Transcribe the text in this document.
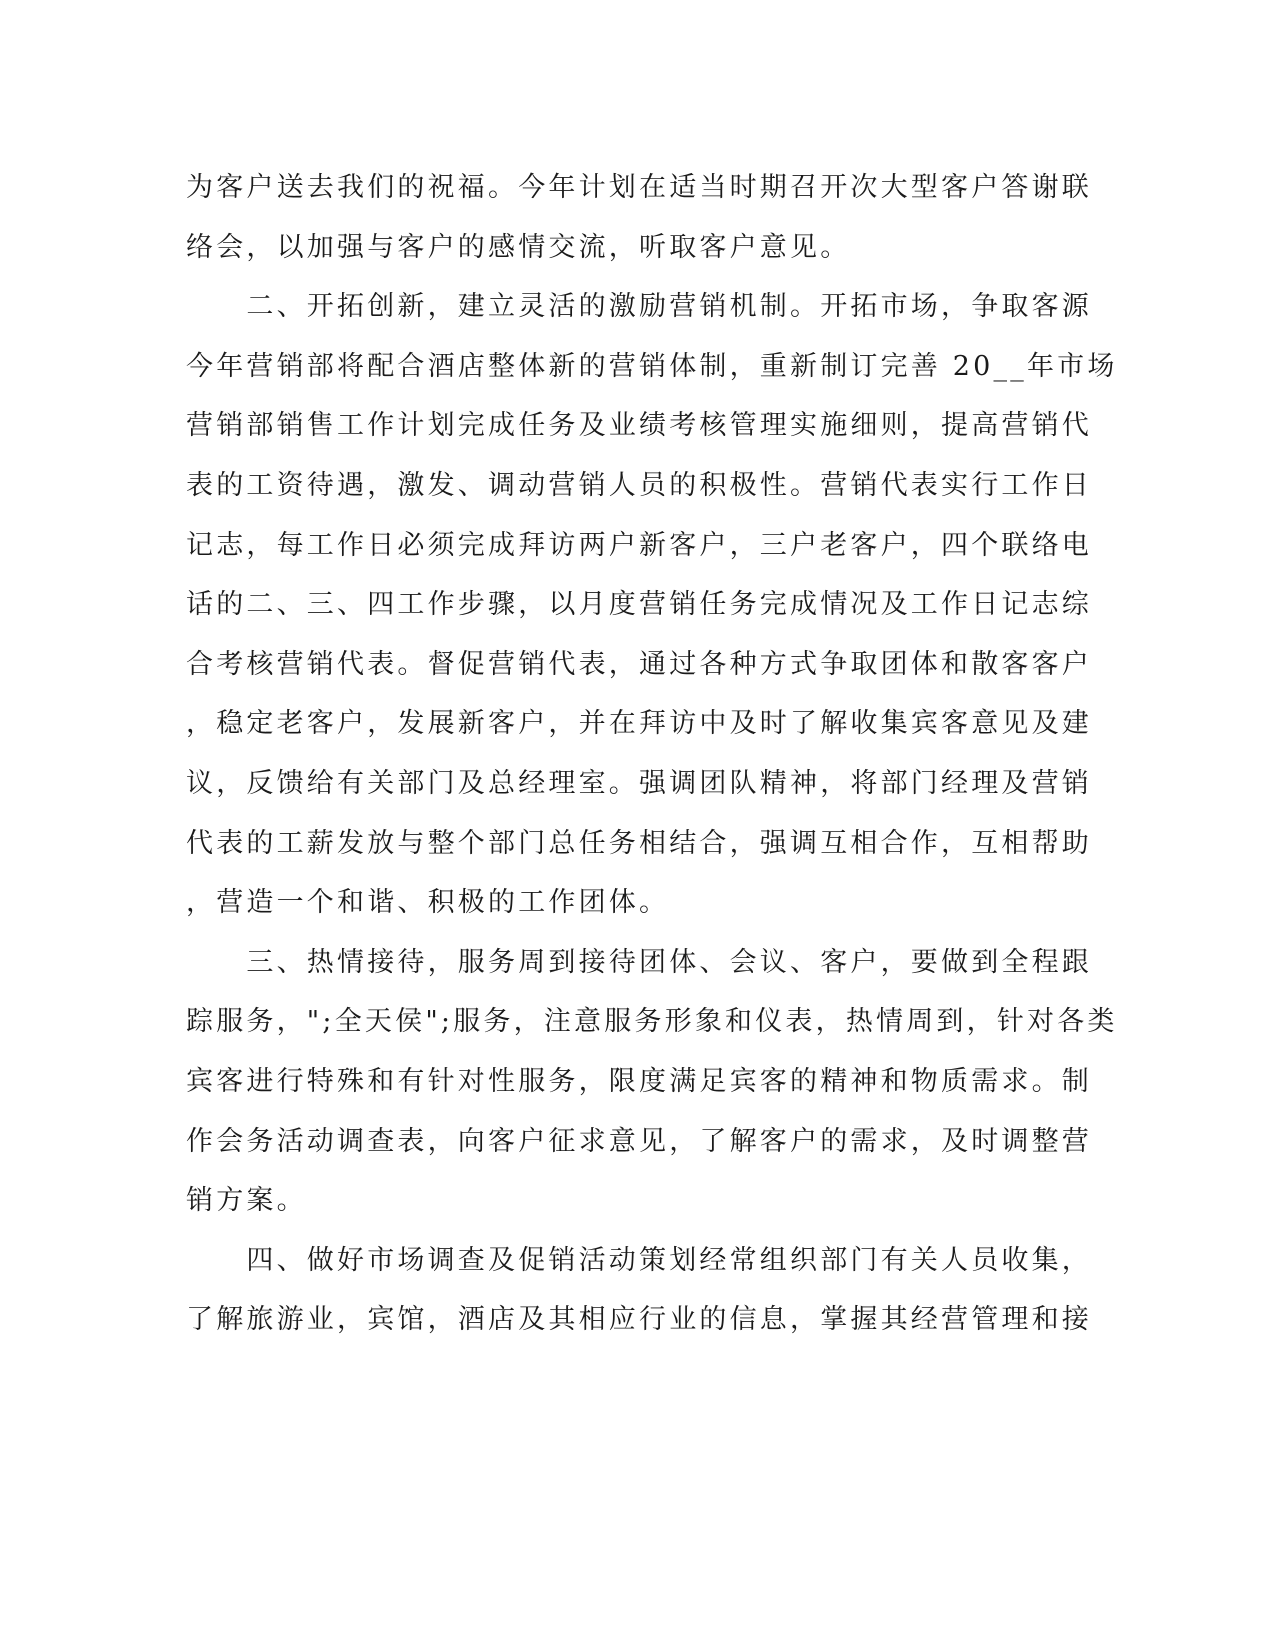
为客户送去我们的祝福。今年计划在适当时期召开次大型客户答谢联
络会，以加强与客户的感情交流，听取客户意见。
　　二、开拓创新，建立灵活的激励营销机制。开拓市场，争取客源
今年营销部将配合酒店整体新的营销体制，重新制订完善 20__年市场
营销部销售工作计划完成任务及业绩考核管理实施细则，提高营销代
表的工资待遇，激发、调动营销人员的积极性。营销代表实行工作日
记志，每工作日必须完成拜访两户新客户，三户老客户，四个联络电
话的二、三、四工作步骤，以月度营销任务完成情况及工作日记志综
合考核营销代表。督促营销代表，通过各种方式争取团体和散客客户
，稳定老客户，发展新客户，并在拜访中及时了解收集宾客意见及建
议，反馈给有关部门及总经理室。强调团队精神，将部门经理及营销
代表的工薪发放与整个部门总任务相结合，强调互相合作，互相帮助
，营造一个和谐、积极的工作团体。
　　三、热情接待，服务周到接待团体、会议、客户，要做到全程跟
踪服务，";全天侯";服务，注意服务形象和仪表，热情周到，针对各类
宾客进行特殊和有针对性服务，限度满足宾客的精神和物质需求。制
作会务活动调查表，向客户征求意见，了解客户的需求，及时调整营
销方案。
　　四、做好市场调查及促销活动策划经常组织部门有关人员收集，
了解旅游业，宾馆，酒店及其相应行业的信息，掌握其经营管理和接
